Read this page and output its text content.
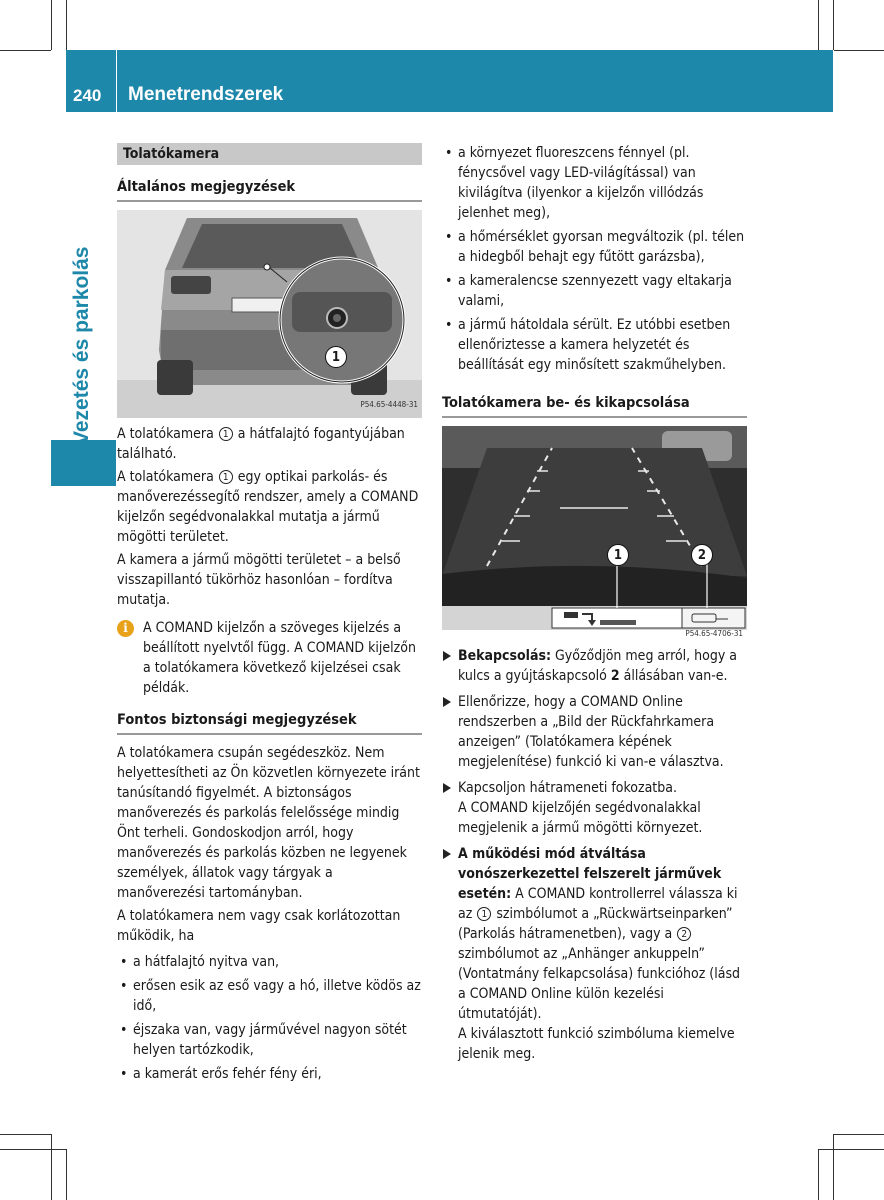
240 Menetrendszerek
Vezetés és parkolás
Tolatókamera
Általános megjegyzések
1
P54.65-4448-31

A tolatókamera 1 a hátfalajtó fogantyújában található.

A tolatókamera 1 egy optikai parkolás- és manőverezéssegítő rendszer, amely a COMAND kijelzőn segédvonalakkal mutatja a jármű mögötti területet.

A kamera a jármű mögötti területet – a belső visszapillantó tükörhöz hasonlóan – fordítva mutatja.

i	A COMAND kijelzőn a szöveges kijelzés a beállított nyelvtől függ. A COMAND kijelzőn a tolatókamera következő kijelzései csak példák.
Fontos biztonsági megjegyzések

A tolatókamera csupán segédeszköz. Nem helyettesítheti az Ön közvetlen környezete iránt tanúsítandó figyelmét. A biztonságos manőverezés és parkolás felelőssége mindig Önt terheli. Gondoskodjon arról, hogy manőverezés és parkolás közben ne legyenek személyek, állatok vagy tárgyak a manőverezési tartományban.

A tolatókamera nem vagy csak korlátozottan működik, ha

• a hátfalajtó nyitva van,
• erősen esik az eső vagy a hó, illetve ködös az idő,
• éjszaka van, vagy járművével nagyon sötét helyen tartózkodik,
• a kamerát erős fehér fény éri,
• a környezet fluoreszcens fénnyel (pl. fénycsővel vagy LED-világítással) van kivilágítva (ilyenkor a kijelzőn villódzás jelenhet meg),
• a hőmérséklet gyorsan megváltozik (pl. télen a hidegből behajt egy fűtött garázsba),
• a kameralencse szennyezett vagy eltakarja valami,
• a jármű hátoldala sérült. Ez utóbbi esetben ellenőriztesse a kamera helyzetét és beállítását egy minősített szakműhelyben.
Tolatókamera be- és kikapcsolása
1	2
P54.65-4706-31
Bekapcsolás: Győződjön meg arról, hogy a kulcs a gyújtáskapcsoló 2 állásában van-e.
Ellenőrizze, hogy a COMAND Online rendszerben a „Bild der Rückfahrkamera anzeigen” (Tolatókamera képének megjelenítése) funkció ki van-e választva.
Kapcsoljon hátrameneti fokozatba.
A COMAND kijelzőjén segédvonalakkal megjelenik a jármű mögötti környezet.
A működési mód átváltása vonószerkezettel felszerelt járművek esetén: A COMAND kontrollerrel válassza ki az 1 szimbólumot a „Rückwärtseinparken” (Parkolás hátramenetben), vagy a 2 szimbólumot az „Anhänger ankuppeln” (Vontatmány felkapcsolása) funkcióhoz (lásd a COMAND Online külön kezelési útmutatóját).
A kiválasztott funkció szimbóluma kiemelve jelenik meg.
